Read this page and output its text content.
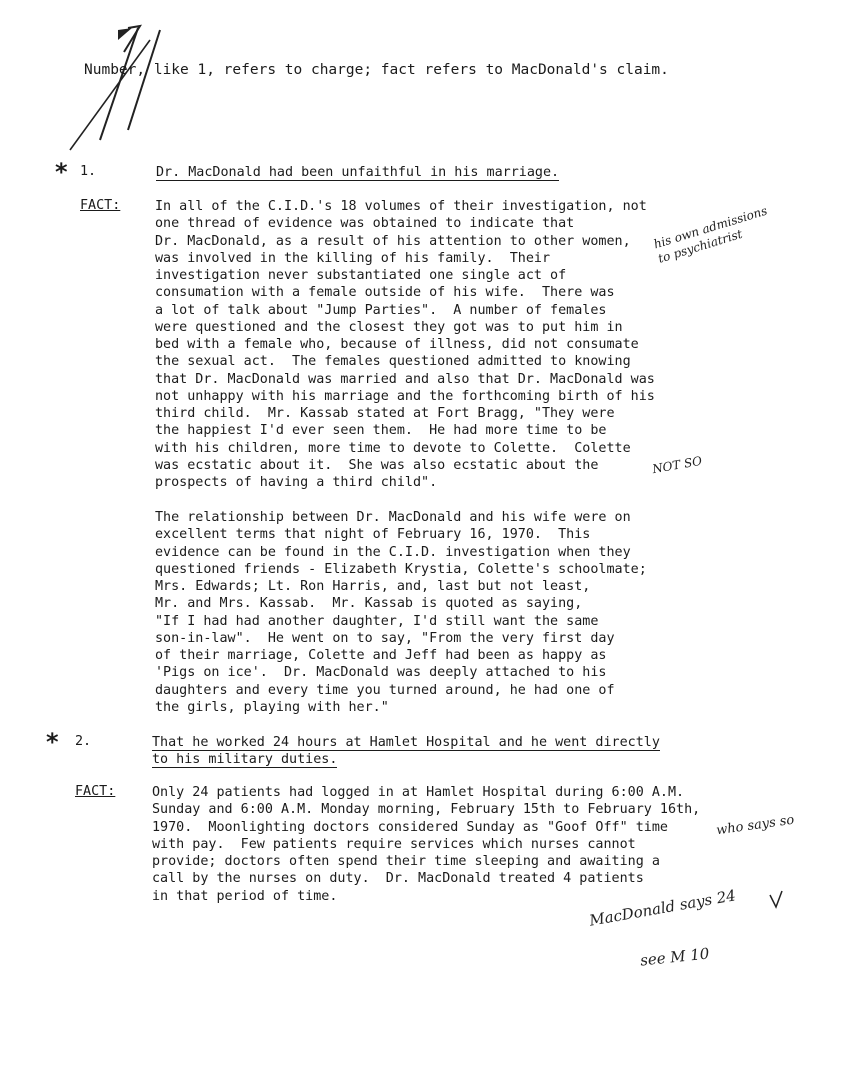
Number, like 1, refers to charge; fact refers to MacDonald's claim.
* 1.	Dr. MacDonald had been unfaithful in his marriage.
FACT:	In all of the C.I.D.'s 18 volumes of their investigation, not
one thread of evidence was obtained to indicate that
Dr. MacDonald, as a result of his attention to other women,
was involved in the killing of his family.  Their
investigation never substantiated one single act of
consumation with a female outside of his wife.  There was
a lot of talk about "Jump Parties".  A number of females
were questioned and the closest they got was to put him in
bed with a female who, because of illness, did not consumate
the sexual act.  The females questioned admitted to knowing
that Dr. MacDonald was married and also that Dr. MacDonald was
not unhappy with his marriage and the forthcoming birth of his
third child.  Mr. Kassab stated at Fort Bragg, "They were
the happiest I'd ever seen them.  He had more time to be
with his children, more time to devote to Colette.  Colette
was ecstatic about it.  She was also ecstatic about the
prospects of having a third child".
The relationship between Dr. MacDonald and his wife were on
excellent terms that night of February 16, 1970.  This
evidence can be found in the C.I.D. investigation when they
questioned friends - Elizabeth Krystia, Colette's schoolmate;
Mrs. Edwards; Lt. Ron Harris, and, last but not least,
Mr. and Mrs. Kassab.  Mr. Kassab is quoted as saying,
"If I had had another daughter, I'd still want the same
son-in-law".  He went on to say, "From the very first day
of their marriage, Colette and Jeff had been as happy as
'Pigs on ice'.  Dr. MacDonald was deeply attached to his
daughters and every time you turned around, he had one of
the girls, playing with her."
his own admissions
to psychiatrist
NOT SO
* 2.	That he worked 24 hours at Hamlet Hospital and he went directly
to his military duties.
FACT:	Only 24 patients had logged in at Hamlet Hospital during 6:00 A.M.
Sunday and 6:00 A.M. Monday morning, February 15th to February 16th,
1970.  Moonlighting doctors considered Sunday as "Goof Off" time
with pay.  Few patients require services which nurses cannot
provide; doctors often spend their time sleeping and awaiting a
call by the nurses on duty.  Dr. MacDonald treated 4 patients
in that period of time.
who says so
MacDonald says 24
see M 10
